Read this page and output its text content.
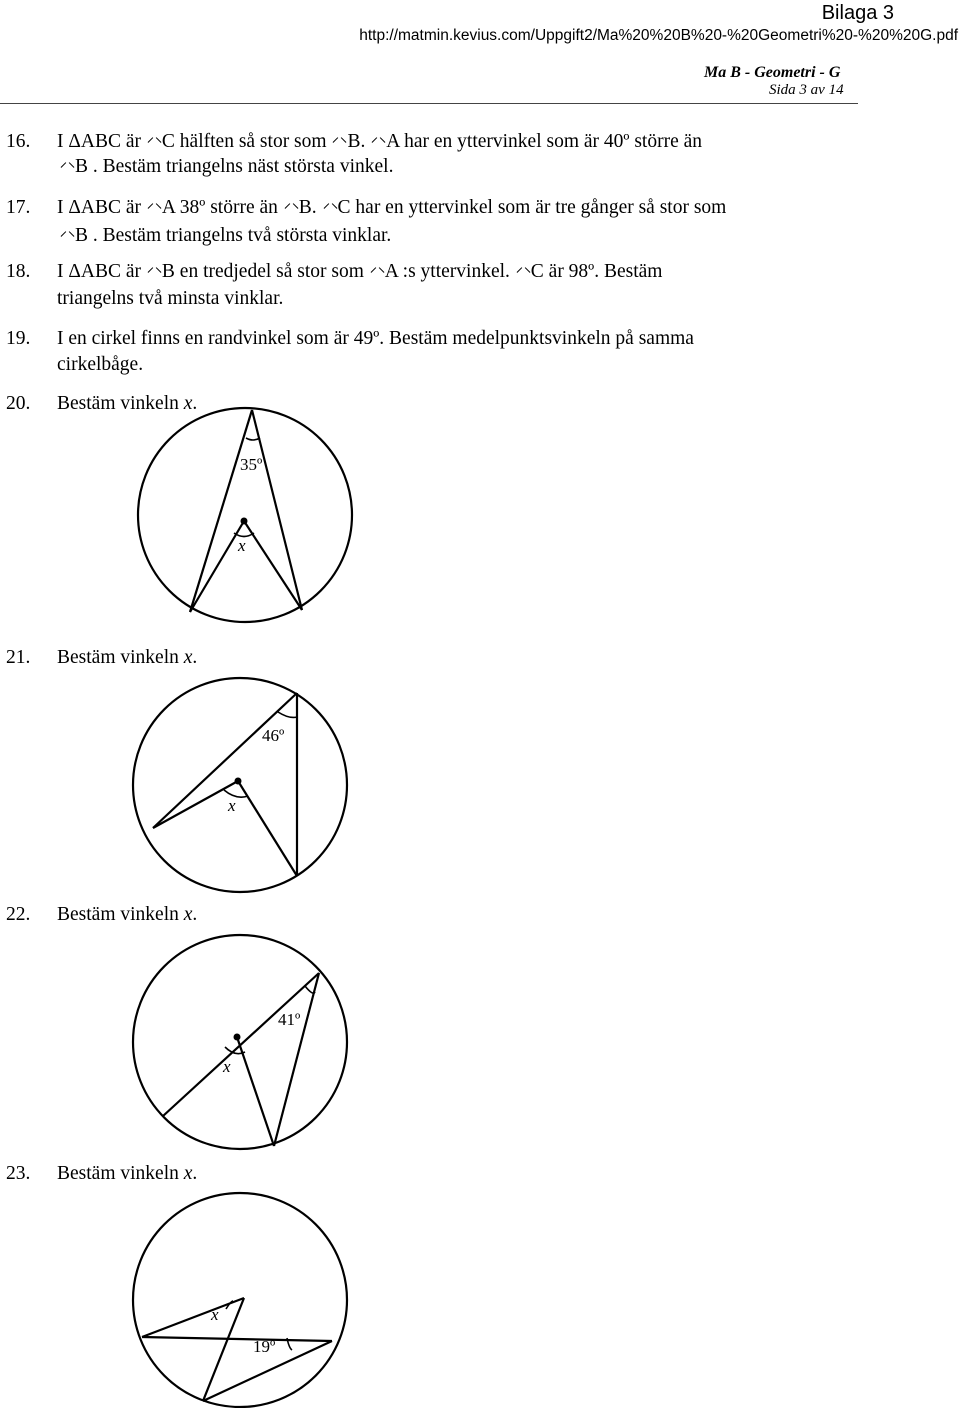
Bilaga 3
http://matmin.kevius.com/Uppgift2/Ma%20%20B%20-%20Geometri%20-%20%20G.pdf
Ma B - Geometri - G
Sida 3 av 14
16.	I ΔABC är C hälften så stor som B. A har en yttervinkel som är 40º större än
B . Bestäm triangelns näst största vinkel.
17.	I ΔABC är A 38º större än B. C har en yttervinkel som är tre gånger så stor som
B . Bestäm triangelns två största vinklar.
18.	I ΔABC är B en tredjedel så stor som A :s yttervinkel. C är 98º. Bestäm
triangelns två minsta vinklar.
19.	I en cirkel finns en randvinkel som är 49º. Bestäm medelpunktsvinkeln på samma
cirkelbåge.
20.	Bestäm vinkeln x.
21.	Bestäm vinkeln x.
22.	Bestäm vinkeln x.
23.	Bestäm vinkeln x.
35º
x
46º
x
41º
x
x
19º
